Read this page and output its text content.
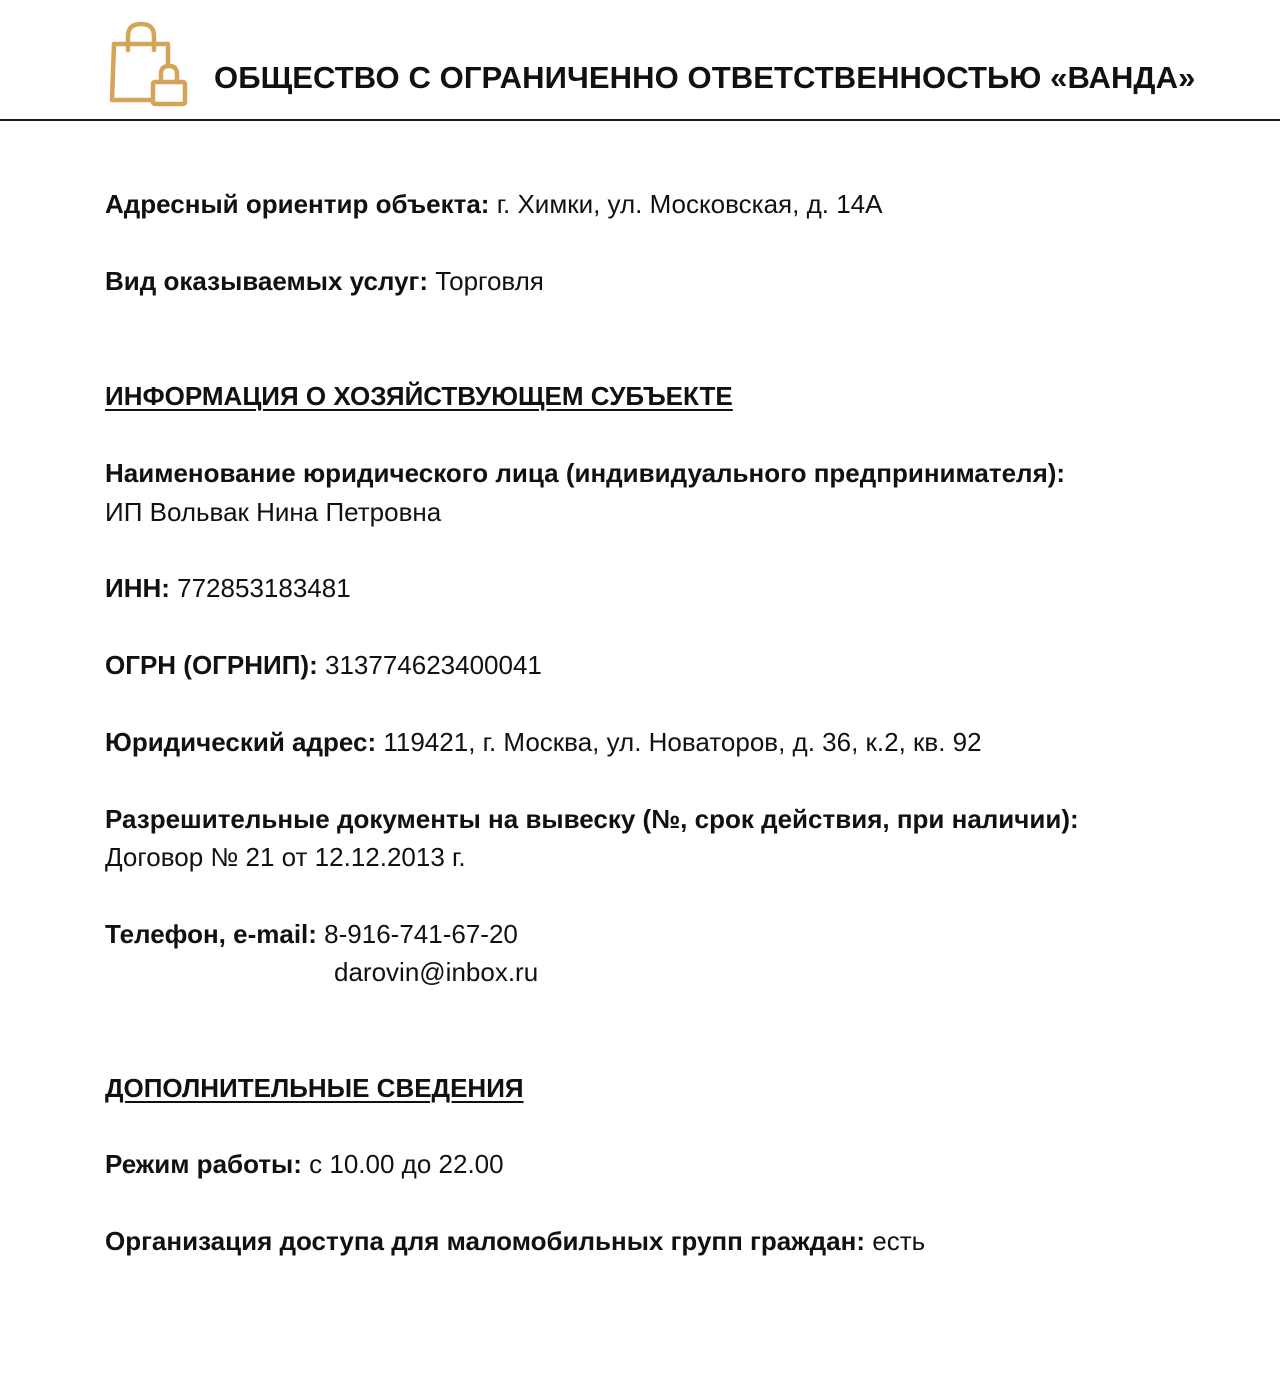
ОБЩЕСТВО С ОГРАНИЧЕННО ОТВЕТСТВЕННОСТЬЮ «ВАНДА»
Адресный ориентир объекта: г. Химки, ул. Московская, д. 14А
Вид оказываемых услуг: Торговля
ИНФОРМАЦИЯ О ХОЗЯЙСТВУЮЩЕМ СУБЪЕКТЕ
Наименование юридического лица (индивидуального предпринимателя):
ИП Вольвак Нина Петровна
ИНН: 772853183481
ОГРН (ОГРНИП): 313774623400041
Юридический адрес: 119421, г. Москва, ул. Новаторов, д. 36, к.2, кв. 92
Разрешительные документы на вывеску (№, срок действия, при наличии):
Договор № 21 от 12.12.2013 г.
Телефон, e-mail: 8-916-741-67-20
darovin@inbox.ru
ДОПОЛНИТЕЛЬНЫЕ СВЕДЕНИЯ
Режим работы: с 10.00 до 22.00
Организация доступа для маломобильных групп граждан: есть
